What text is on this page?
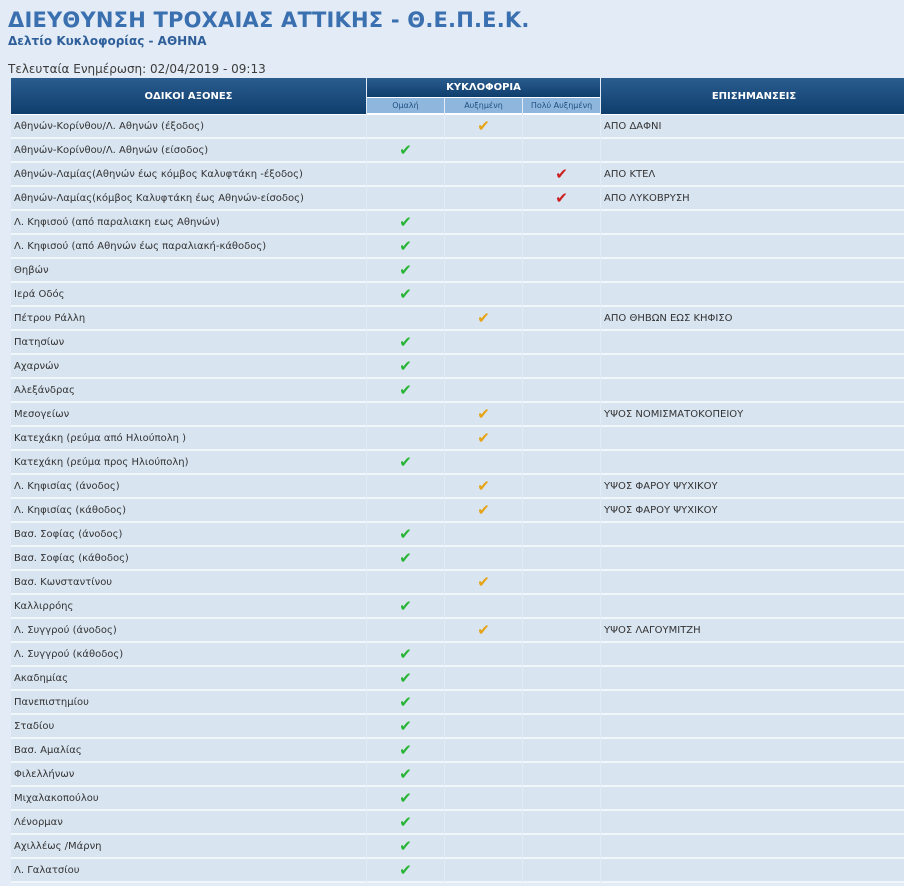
ΔΙΕΥΘΥΝΣΗ ΤΡΟΧΑΙΑΣ ΑΤΤΙΚΗΣ - Θ.Ε.Π.Ε.Κ.
Δελτίο Κυκλοφορίας - ΑΘΗΝΑ
Τελευταία Ενημέρωση: 02/04/2019 - 09:13
ΟΔΙΚΟΙ ΑΞΟΝΕΣ	ΚΥΚΛΟΦΟΡΙΑ			ΕΠΙΣΗΜΑΝΣΕΙΣ
	Ομαλή	Αυξημένη	Πολύ Αυξημένη	
Αθηνών-Κορίνθου/Λ. Αθηνών (έξοδος)		✔		ΑΠΟ ΔΑΦΝΙ
Αθηνών-Κορίνθου/Λ. Αθηνών (είσοδος)	✔			
Αθηνών-Λαμίας(Αθηνών έως κόμβος Καλυφτάκη -έξοδος)			✔	ΑΠΟ ΚΤΕΛ
Αθηνών-Λαμίας(κόμβος Καλυφτάκη έως Αθηνών-είσοδος)			✔	ΑΠΟ ΛΥΚΟΒΡΥΣΗ
Λ. Κηφισού (από παραλιακη εως Αθηνών)	✔			
Λ. Κηφισού (από Αθηνών έως παραλιακή-κάθοδος)	✔			
Θηβών	✔			
Ιερά Οδός	✔			
Πέτρου Ράλλη		✔		ΑΠΟ ΘΗΒΩΝ ΕΩΣ ΚΗΦΙΣΟ
Πατησίων	✔			
Αχαρνών	✔			
Αλεξάνδρας	✔			
Μεσογείων		✔		ΥΨΟΣ ΝΟΜΙΣΜΑΤΟΚΟΠΕΙΟΥ
Κατεχάκη (ρεύμα από Ηλιούπολη )		✔		
Κατεχάκη (ρεύμα προς Ηλιούπολη)	✔			
Λ. Κηφισίας (άνοδος)		✔		ΥΨΟΣ ΦΑΡΟΥ ΨΥΧΙΚΟΥ
Λ. Κηφισίας (κάθοδος)		✔		ΥΨΟΣ ΦΑΡΟΥ ΨΥΧΙΚΟΥ
Βασ. Σοφίας (άνοδος)	✔			
Βασ. Σοφίας (κάθοδος)	✔			
Βασ. Κωνσταντίνου		✔		
Καλλιρρόης	✔			
Λ. Συγγρού (άνοδος)		✔		ΥΨΟΣ ΛΑΓΟΥΜΙΤΖΗ
Λ. Συγγρού (κάθοδος)	✔			
Ακαδημίας	✔			
Πανεπιστημίου	✔			
Σταδίου	✔			
Βασ. Αμαλίας	✔			
Φιλελλήνων	✔			
Μιχαλακοπούλου	✔			
Λένορμαν	✔			
Αχιλλέως /Μάρνη	✔			
Λ. Γαλατσίου	✔			
